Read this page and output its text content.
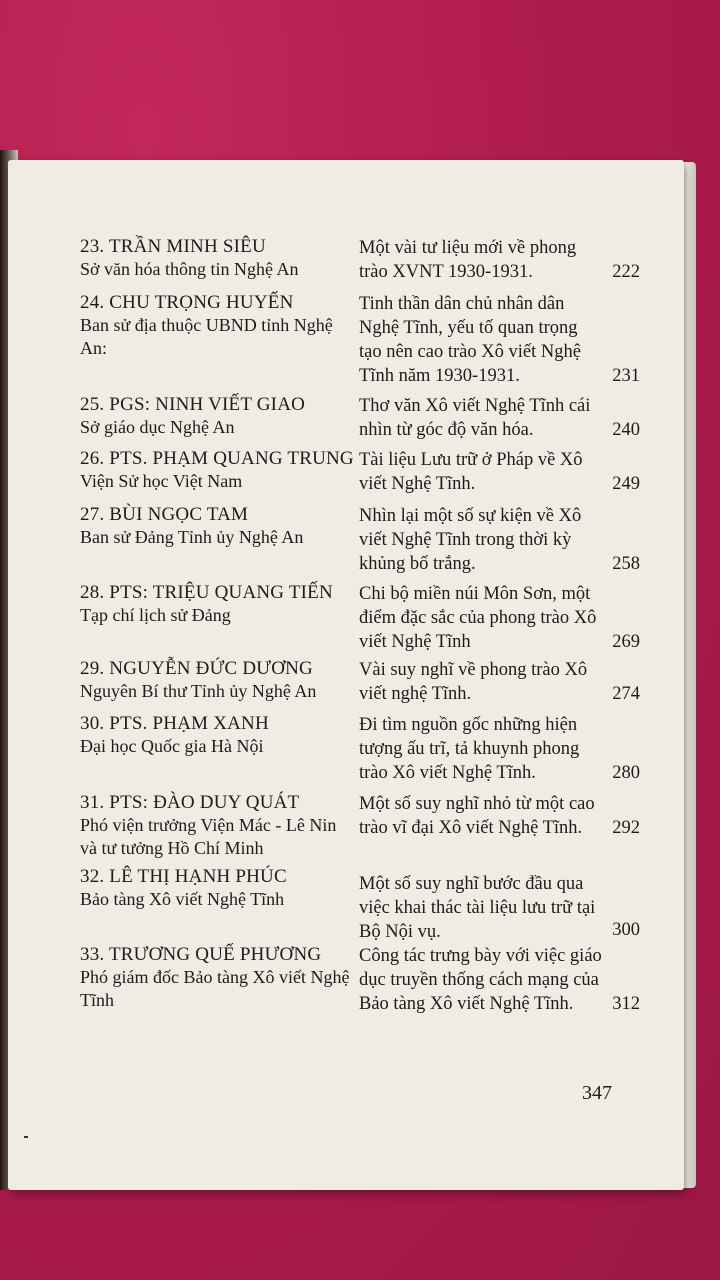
23. TRẦN MINH SIÊU
Sở văn hóa thông tin Nghệ An
Một vài tư liệu mới về phong trào XVNT 1930-1931.	222
24. CHU TRỌNG HUYẾN
Ban sử địa thuộc UBND tỉnh Nghệ An:
Tinh thần dân chủ nhân dân Nghệ Tĩnh, yếu tố quan trọng tạo nên cao trào Xô viết Nghệ Tĩnh năm 1930-1931.	231
25. PGS: NINH VIẾT GIAO
Sở giáo dục Nghệ An
Thơ văn Xô viết Nghệ Tĩnh cái nhìn từ góc độ văn hóa.	240
26. PTS. PHẠM QUANG TRUNG
Viện Sử học Việt Nam
Tài liệu Lưu trữ ở Pháp về Xô viết Nghệ Tĩnh.	249
27. BÙI NGỌC TAM
Ban sử Đảng Tỉnh ủy Nghệ An
Nhìn lại một số sự kiện về Xô viết Nghệ Tĩnh trong thời kỳ khủng bố trắng.	258
28. PTS: TRIỆU QUANG TIẾN
Tạp chí lịch sử Đảng
Chi bộ miền núi Môn Sơn, một điểm đặc sắc của phong trào Xô viết Nghệ Tĩnh	269
29. NGUYỄN ĐỨC DƯƠNG
Nguyên Bí thư Tỉnh ủy Nghệ An
Vài suy nghĩ về phong trào Xô viết nghệ Tĩnh.	274
30. PTS. PHẠM XANH
Đại học Quốc gia Hà Nội
Đi tìm nguồn gốc những hiện tượng ấu trĩ, tả khuynh phong trào Xô viết Nghệ Tĩnh.	280
31. PTS: ĐÀO DUY QUÁT
Phó viện trưởng Viện Mác - Lê Nin và tư tưởng Hồ Chí Minh
Một số suy nghĩ nhỏ từ một cao trào vĩ đại Xô viết Nghệ Tĩnh.	292
32. LÊ THỊ HẠNH PHÚC
Bảo tàng Xô viết Nghệ Tĩnh
Một số suy nghĩ bước đầu qua việc khai thác tài liệu lưu trữ tại Bộ Nội vụ.	300
33. TRƯƠNG QUẾ PHƯƠNG
Phó giám đốc Bảo tàng Xô viết Nghệ Tĩnh
Công tác trưng bày với việc giáo dục truyền thống cách mạng của Bảo tàng Xô viết Nghệ Tĩnh.	312
347
